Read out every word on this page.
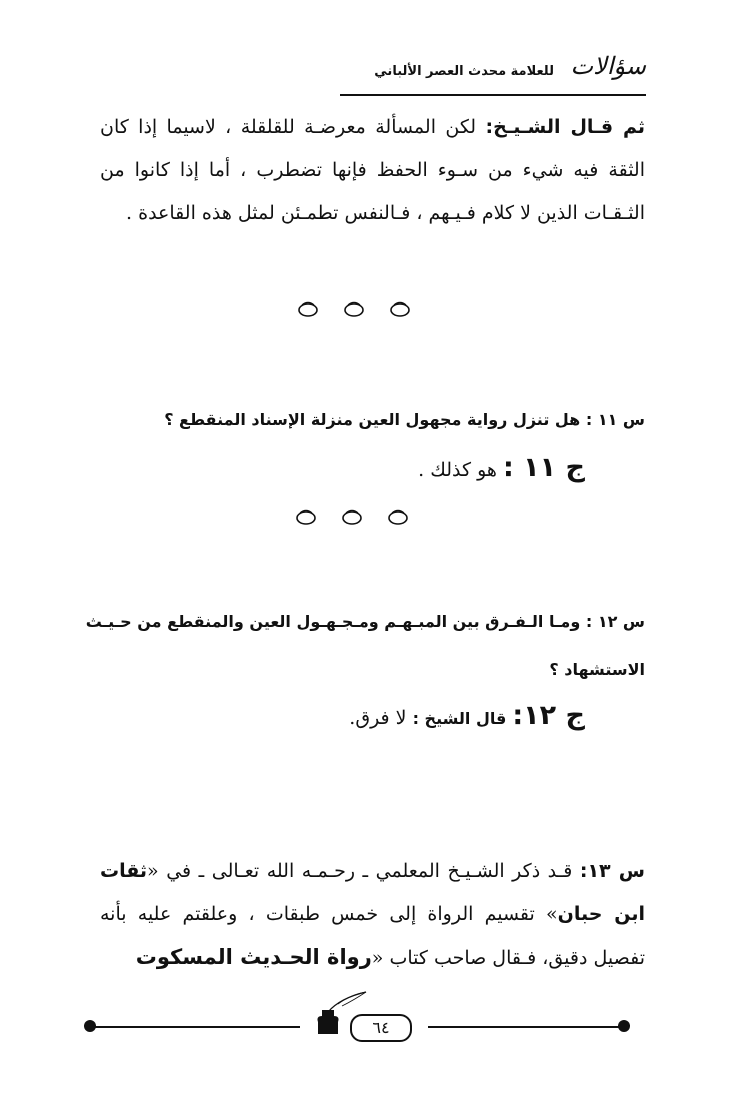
سؤالات
للعلامة محدث العصر الألباني
ثم قـال الشـيـخ: لكن المسألة معرضـة للقلقلة ، لاسيما إذا كان الثقة فيه شيء من سـوء الحفظ فإنها تضطرب ، أما إذا كانوا من الثـقـات الذين لا كلام فـيـهم ، فـالنفس تطمـئن لمثل هذه القاعدة .
س ١١ : هل تنزل رواية مجهول العين منزلة الإسناد المنقطع ؟
ج ١١ : هو كذلك .
س ١٢ : ومـا الـفـرق بين المبـهـم ومـجـهـول العين والمنقطع من حـيـث
الاستشهاد ؟
ج ١٢: قال الشيخ : لا فرق.
س ١٣: قـد ذكر الشـيـخ المعلمي ـ رحـمـه الله تعـالى ـ في «ثقات ابن حبان» تقسيم الرواة إلى خمس طبقات ، وعلقتم عليه بأنه تفصيل دقيق، فـقال صاحب كتاب «رواة الحـديث المسكوت
٦٤
